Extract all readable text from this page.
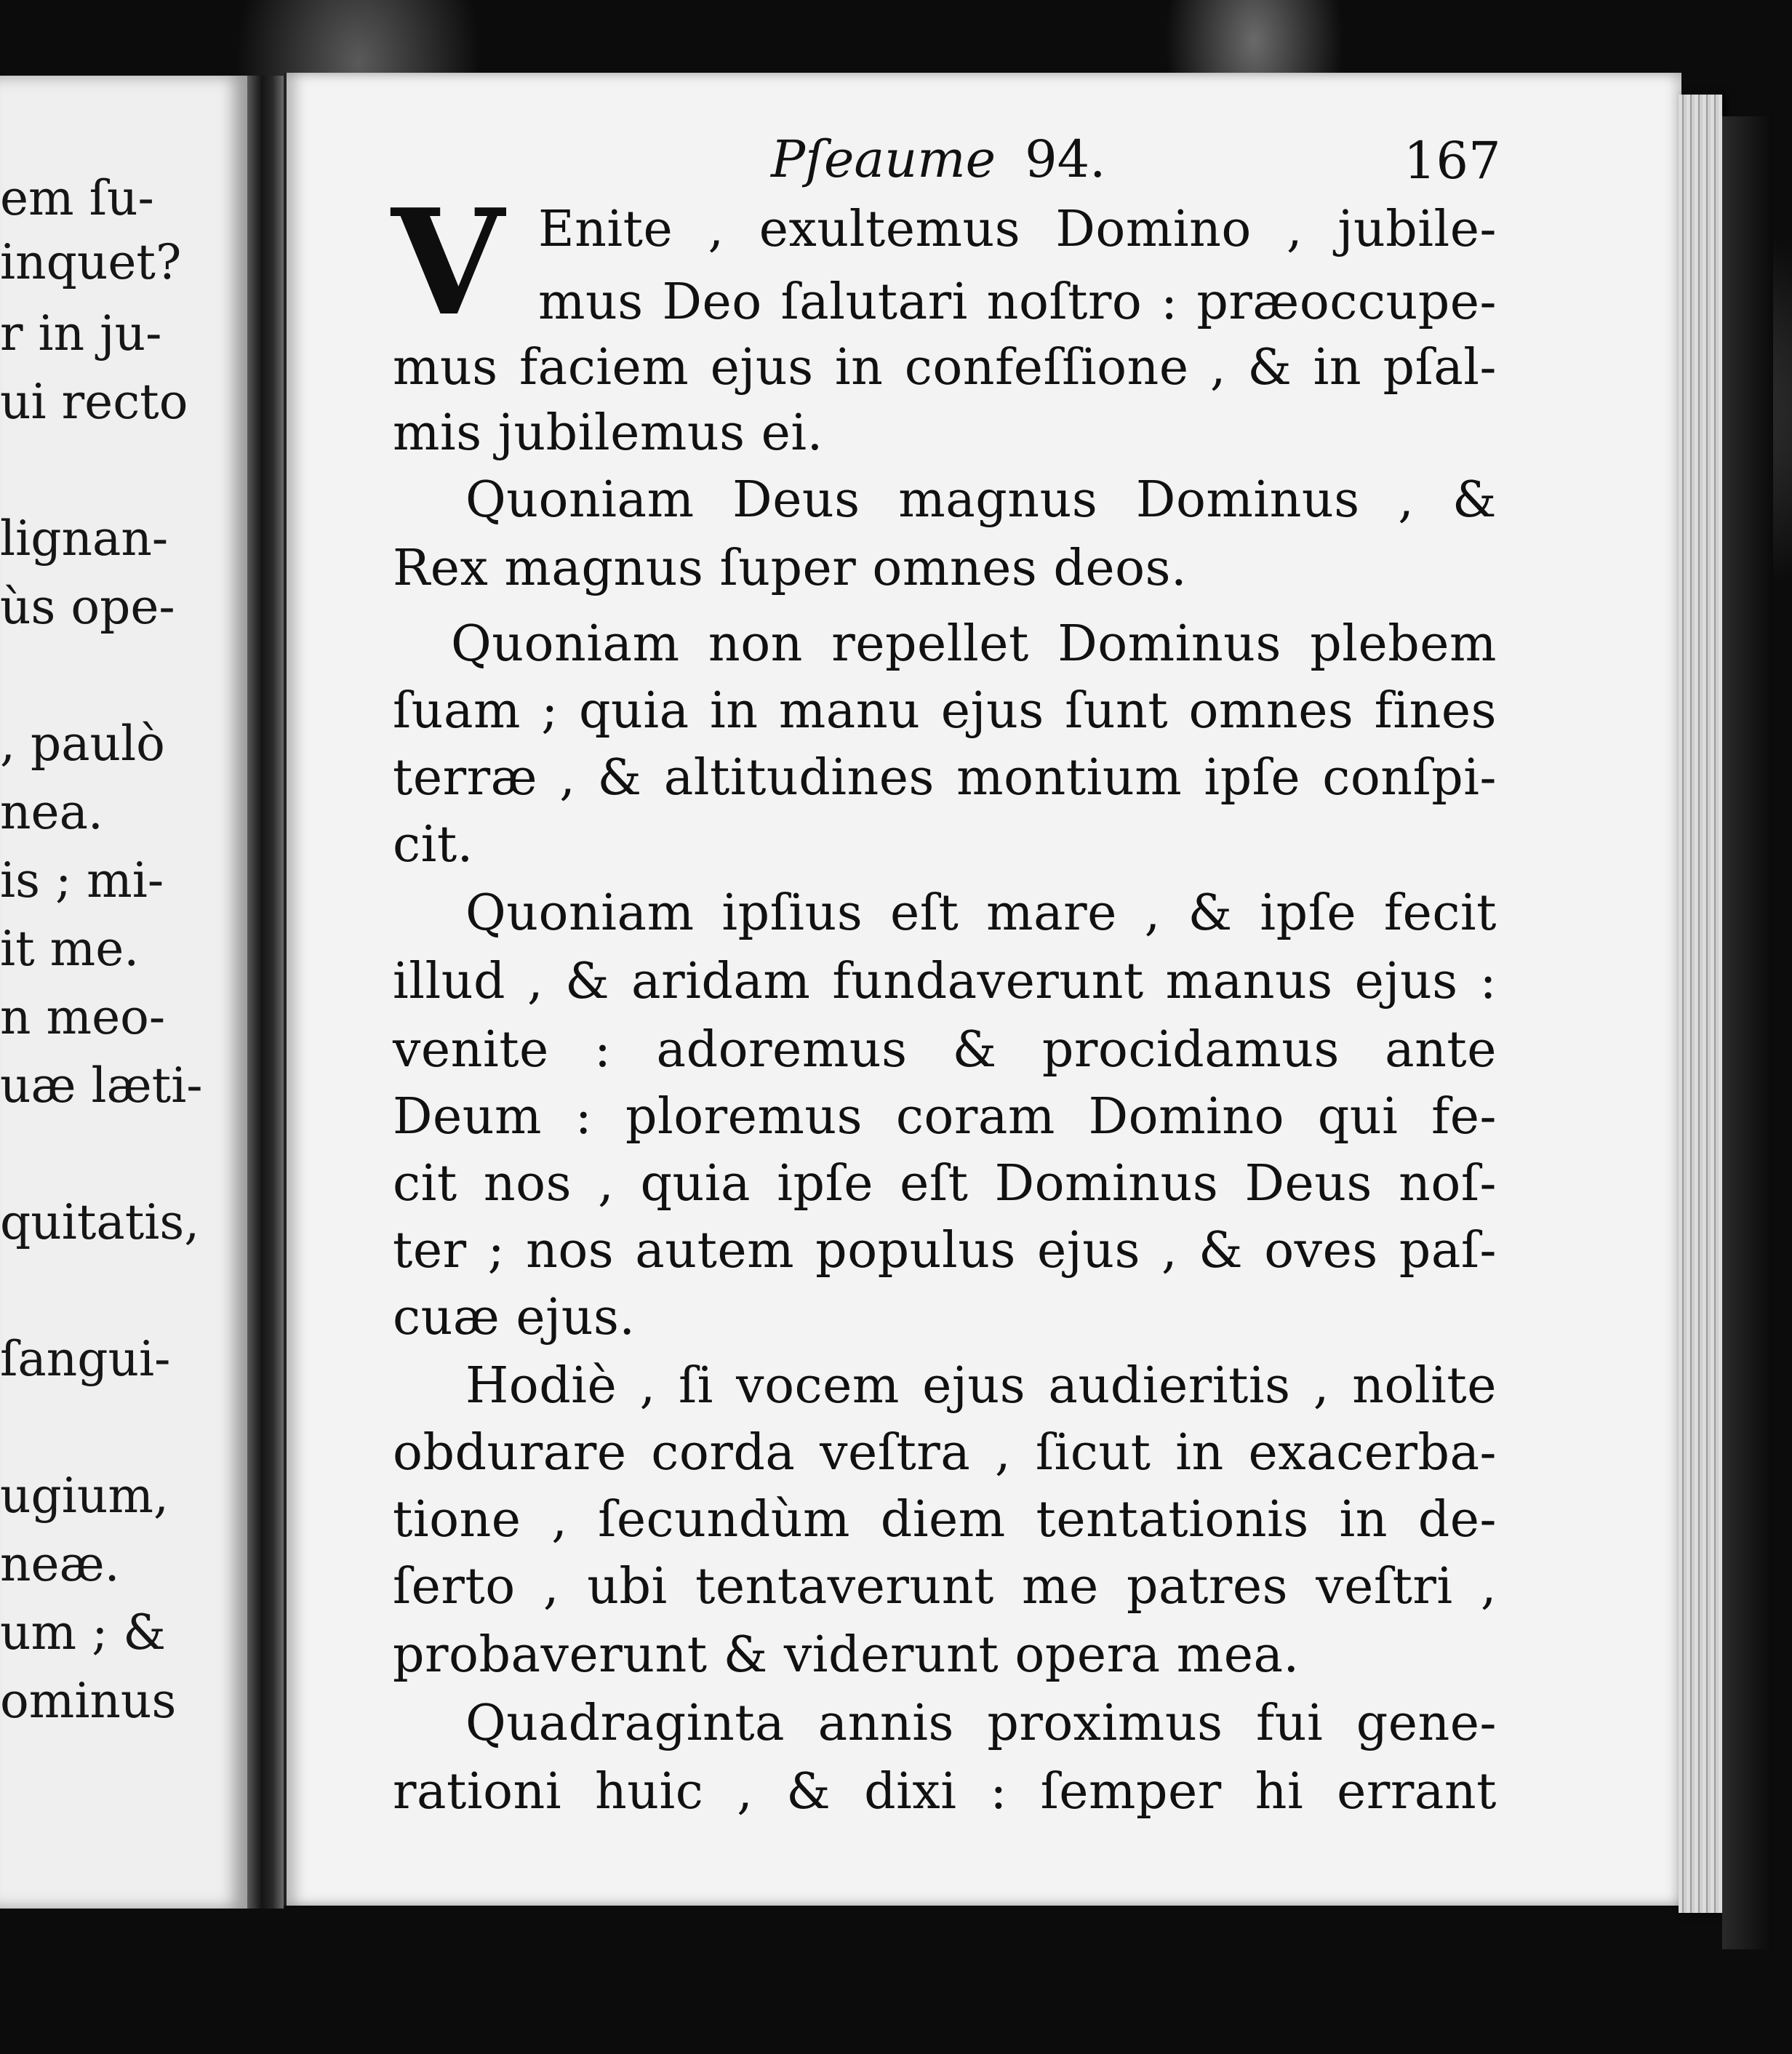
em ſu-
inquet?
r in ju-
ui recto
lignan-
ùs ope-
, paulò
nea.
is ; mi-
it me.
n meo-
uæ læti-
quitatis,
ſangui-
ugium,
neæ.
um ; &
ominus
Pſeaume 94.	167
V Enite , exultemus Domino , jubile-
mus Deo ſalutari noſtro : præoccupe-
mus faciem ejus in confeſſione , & in pſal-
mis jubilemus ei.
Quoniam Deus magnus Dominus , &
Rex magnus ſuper omnes deos.
Quoniam non repellet Dominus plebem
ſuam ; quia in manu ejus ſunt omnes fines
terræ , & altitudines montium ipſe conſpi-
cit.
Quoniam ipſius eſt mare , & ipſe fecit
illud , & aridam fundaverunt manus ejus :
venite : adoremus & procidamus ante
Deum : ploremus coram Domino qui fe-
cit nos , quia ipſe eſt Dominus Deus noſ-
ter ; nos autem populus ejus , & oves paſ-
cuæ ejus.
Hodiè , ſi vocem ejus audieritis , nolite
obdurare corda veſtra , ſicut in exacerba-
tione , ſecundùm diem tentationis in de-
ſerto , ubi tentaverunt me patres veſtri ,
probaverunt & viderunt opera mea.
Quadraginta annis proximus fui gene-
rationi huic , & dixi : ſemper hi errant
